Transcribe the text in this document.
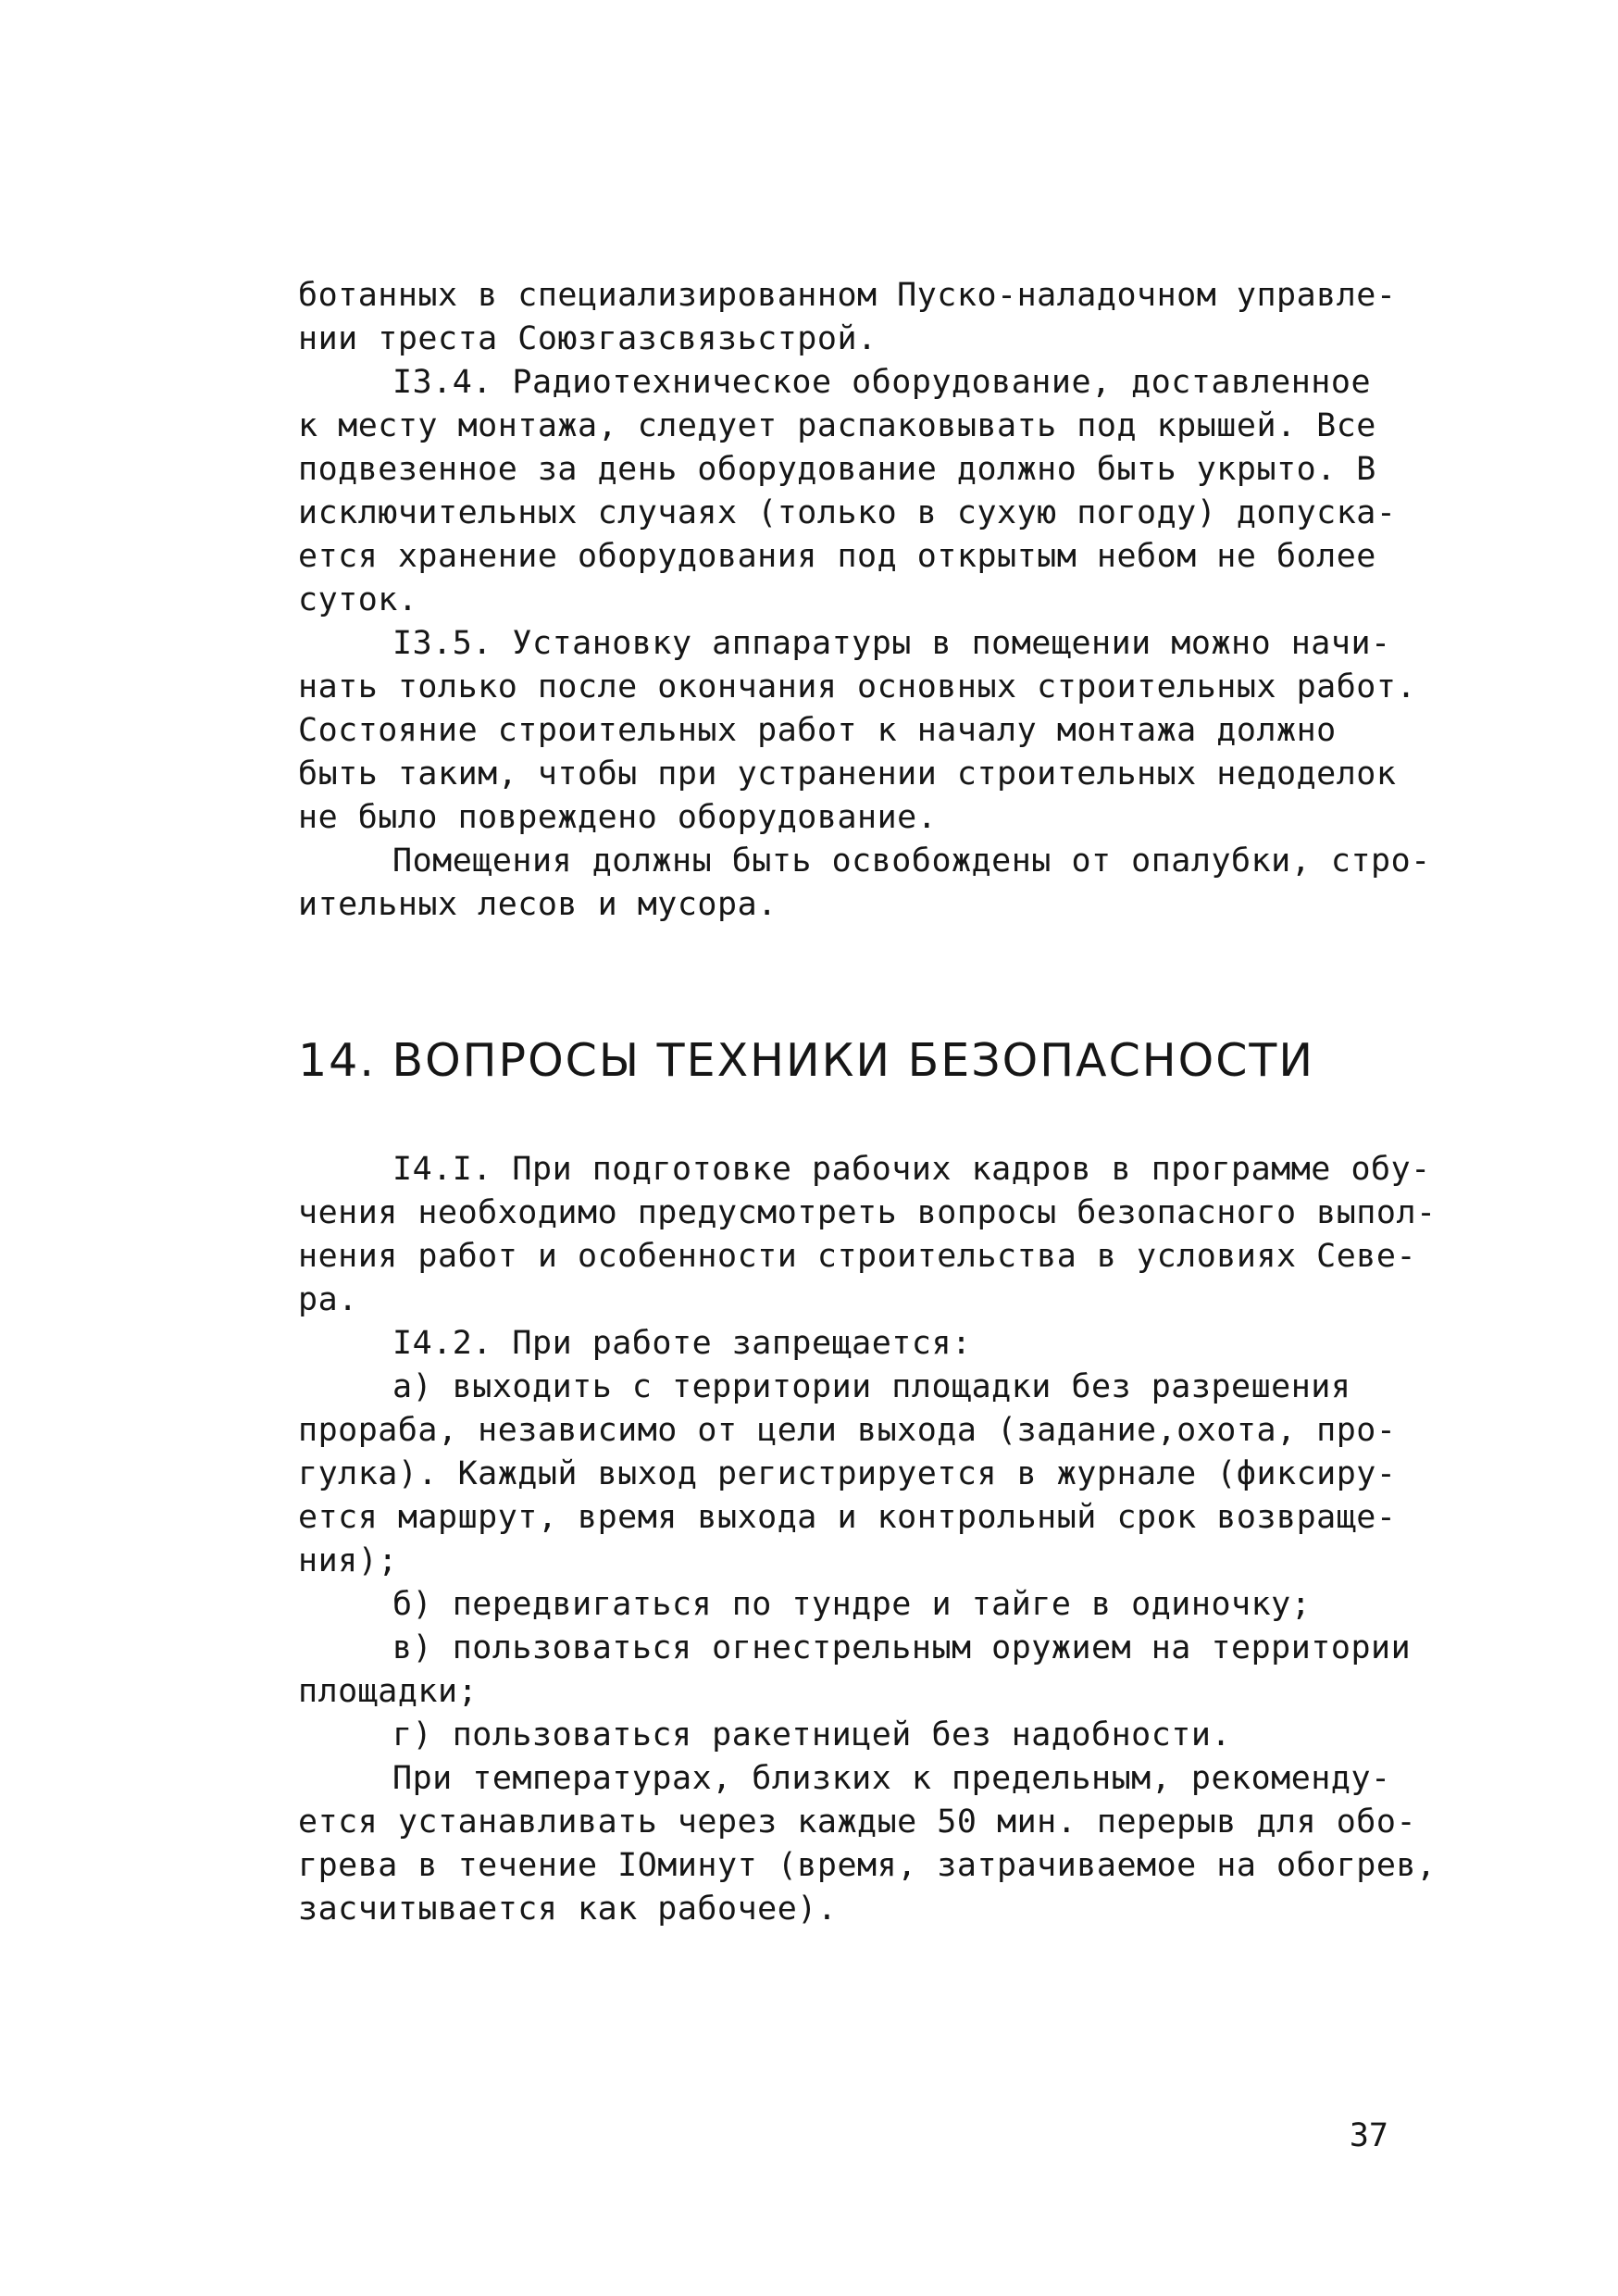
ботанных в специализированном Пуско-наладочном управле-
нии треста Союзгазсвязьстрой.
I3.4. Радиотехническое оборудование, доставленное
к месту монтажа, следует распаковывать под крышей. Все
подвезенное за день оборудование должно быть укрыто. В
исключительных случаях (только в сухую погоду) допуска-
ется хранение оборудования под открытым небом не более
суток.
I3.5. Установку аппаратуры в помещении можно начи-
нать только после окончания основных строительных работ.
Состояние строительных работ к началу монтажа должно
быть таким, чтобы при устранении строительных недоделок
не было повреждено оборудование.
Помещения должны быть освобождены от опалубки, стро-
ительных лесов и мусора.
14. ВОПРОСЫ ТЕХНИКИ БЕЗОПАСНОСТИ
I4.I. При подготовке рабочих кадров в программе обу-
чения необходимо предусмотреть вопросы безопасного выпол-
нения работ и особенности строительства в условиях Севе-
ра.
I4.2. При работе запрещается:
а) выходить с территории площадки без разрешения
прораба, независимо от цели выхода (задание,охота, про-
гулка). Каждый выход регистрируется в журнале (фиксиру-
ется маршрут, время выхода и контрольный срок возвраще-
ния);
б) передвигаться по тундре и тайге в одиночку;
в) пользоваться огнестрельным оружием на территории
площадки;
г) пользоваться ракетницей без надобности.
При температурах, близких к предельным, рекоменду-
ется устанавливать через каждые 50 мин. перерыв для обо-
грева в течение IОминут (время, затрачиваемое на обогрев,
засчитывается как рабочее).
37
